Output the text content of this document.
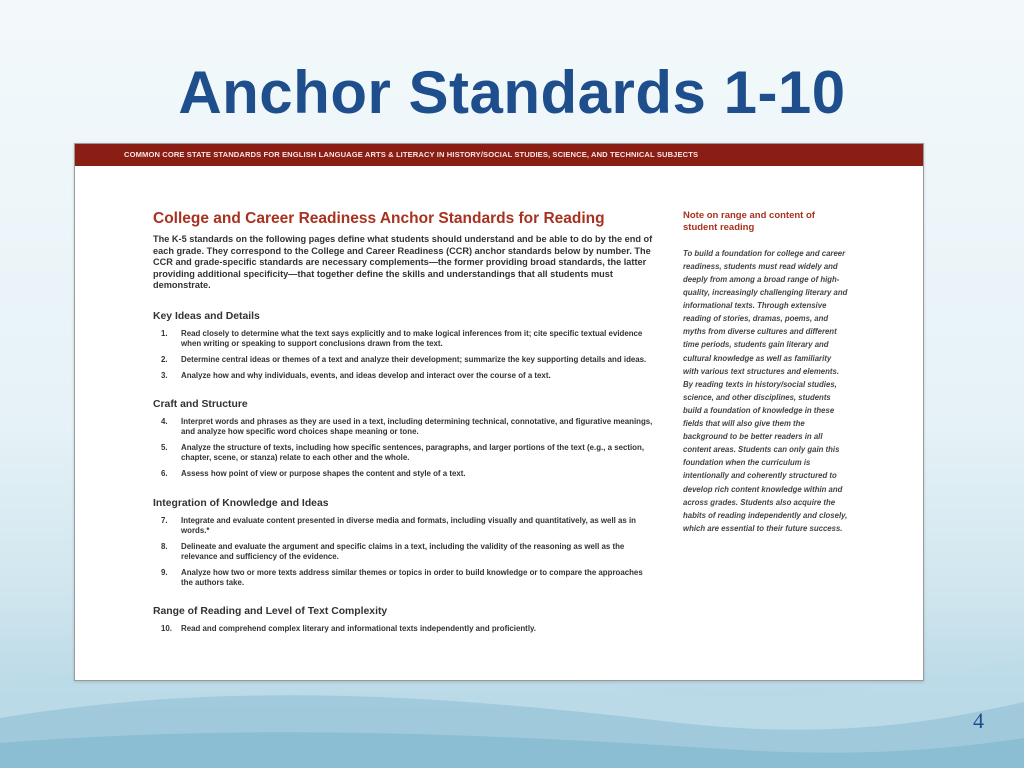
Anchor Standards 1-10
COMMON CORE STATE STANDARDS FOR ENGLISH LANGUAGE ARTS & LITERACY IN HISTORY/SOCIAL STUDIES, SCIENCE, AND TECHNICAL SUBJECTS
College and Career Readiness Anchor Standards for Reading
The K-5 standards on the following pages define what students should understand and be able to do by the end of each grade. They correspond to the College and Career Readiness (CCR) anchor standards below by number. The CCR and grade-specific standards are necessary complements—the former providing broad standards, the latter providing additional specificity—that together define the skills and understandings that all students must demonstrate.
Key Ideas and Details
1.	Read closely to determine what the text says explicitly and to make logical inferences from it; cite specific textual evidence when writing or speaking to support conclusions drawn from the text.
2.	Determine central ideas or themes of a text and analyze their development; summarize the key supporting details and ideas.
3.	Analyze how and why individuals, events, and ideas develop and interact over the course of a text.
Craft and Structure
4.	Interpret words and phrases as they are used in a text, including determining technical, connotative, and figurative meanings, and analyze how specific word choices shape meaning or tone.
5.	Analyze the structure of texts, including how specific sentences, paragraphs, and larger portions of the text (e.g., a section, chapter, scene, or stanza) relate to each other and the whole.
6.	Assess how point of view or purpose shapes the content and style of a text.
Integration of Knowledge and Ideas
7.	Integrate and evaluate content presented in diverse media and formats, including visually and quantitatively, as well as in words.*
8.	Delineate and evaluate the argument and specific claims in a text, including the validity of the reasoning as well as the relevance and sufficiency of the evidence.
9.	Analyze how two or more texts address similar themes or topics in order to build knowledge or to compare the approaches the authors take.
Range of Reading and Level of Text Complexity
10.	Read and comprehend complex literary and informational texts independently and proficiently.
Note on range and content of student reading
To build a foundation for college and career readiness, students must read widely and deeply from among a broad range of high-quality, increasingly challenging literary and informational texts. Through extensive reading of stories, dramas, poems, and myths from diverse cultures and different time periods, students gain literary and cultural knowledge as well as familiarity with various text structures and elements. By reading texts in history/social studies, science, and other disciplines, students build a foundation of knowledge in these fields that will also give them the background to be better readers in all content areas. Students can only gain this foundation when the curriculum is intentionally and coherently structured to develop rich content knowledge within and across grades. Students also acquire the habits of reading independently and closely, which are essential to their future success.
4
